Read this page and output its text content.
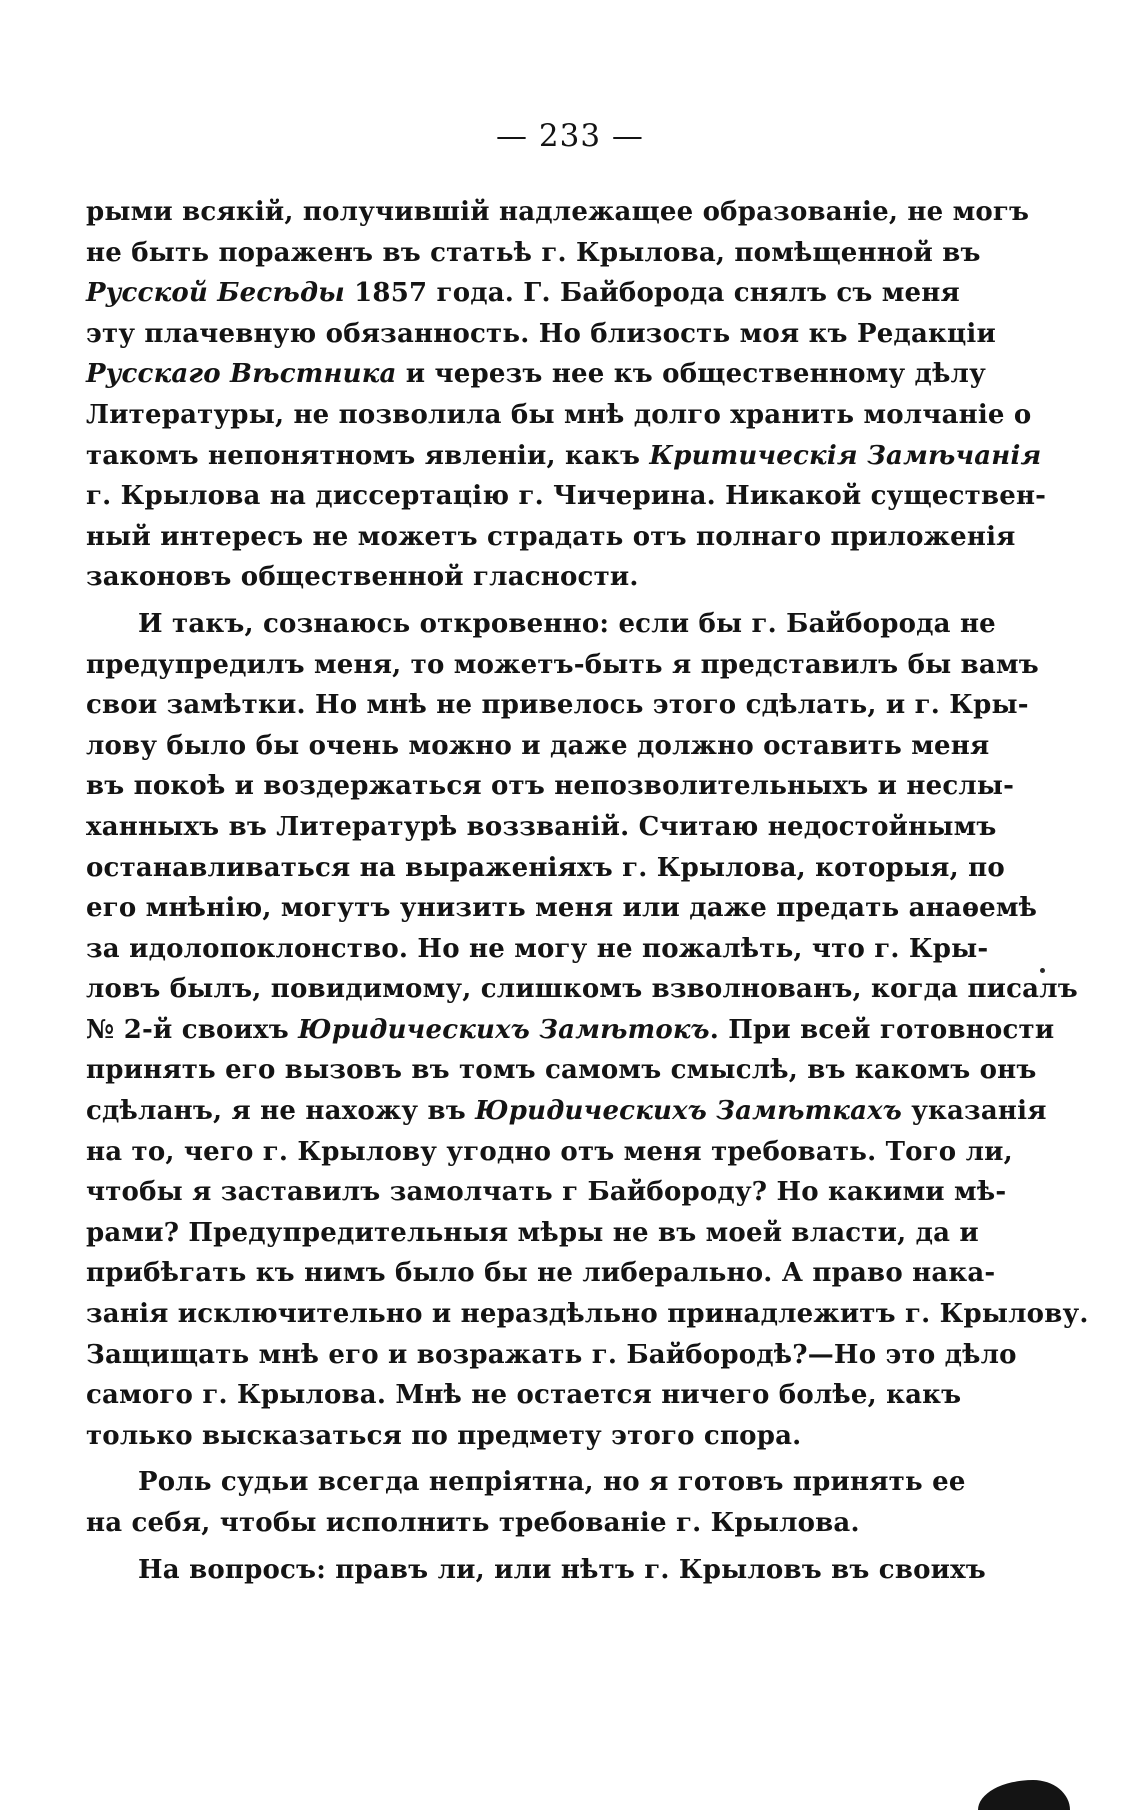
— 233 —
рыми всякій, получившій надлежащее образованіе, не могъ
не быть пораженъ въ статьѣ г. Крылова, помѣщенной въ
Русской Бесѣды 1857 года. Г. Байборода снялъ съ меня
эту плачевную обязанность. Но близость моя къ Редакціи
Русскаго Вѣстника и черезъ нее къ общественному дѣлу
Литературы, не позволила бы мнѣ долго хранить молчаніе о
такомъ непонятномъ явленіи, какъ Критическія Замѣчанія
г. Крылова на диссертацію г. Чичерина. Никакой существен-
ный интересъ не можетъ страдать отъ полнаго приложенія
законовъ общественной гласности.
И такъ, сознаюсь откровенно: если бы г. Байборода не
предупредилъ меня, то можетъ-быть я представилъ бы вамъ
свои замѣтки. Но мнѣ не привелось этого сдѣлать, и г. Кры-
лову было бы очень можно и даже должно оставить меня
въ покоѣ и воздержаться отъ непозволительныхъ и неслы-
ханныхъ въ Литературѣ воззваній. Считаю недостойнымъ
останавливаться на выраженіяхъ г. Крылова, которыя, по
его мнѣнію, могутъ унизить меня или даже предать анаѳемѣ
за идолопоклонство. Но не могу не пожалѣть, что г. Кры-
ловъ былъ, повидимому, слишкомъ взволнованъ, когда писалъ
№ 2-й своихъ Юридическихъ Замѣтокъ. При всей готовности
принять его вызовъ въ томъ самомъ смыслѣ, въ какомъ онъ
сдѣланъ, я не нахожу въ Юридическихъ Замѣткахъ указанія
на то, чего г. Крылову угодно отъ меня требовать. Того ли,
чтобы я заставилъ замолчать г Байбороду? Но какими мѣ-
рами? Предупредительныя мѣры не въ моей власти, да и
прибѣгать къ нимъ было бы не либерально. А право нака-
занія исключительно и нераздѣльно принадлежитъ г. Крылову.
Защищать мнѣ его и возражать г. Байбородѣ?—Но это дѣло
самого г. Крылова. Мнѣ не остается ничего болѣе, какъ
только высказаться по предмету этого спора.
Роль судьи всегда непріятна, но я готовъ принять ее
на себя, чтобы исполнить требованіе г. Крылова.
На вопросъ: правъ ли, или нѣтъ г. Крыловъ въ своихъ
